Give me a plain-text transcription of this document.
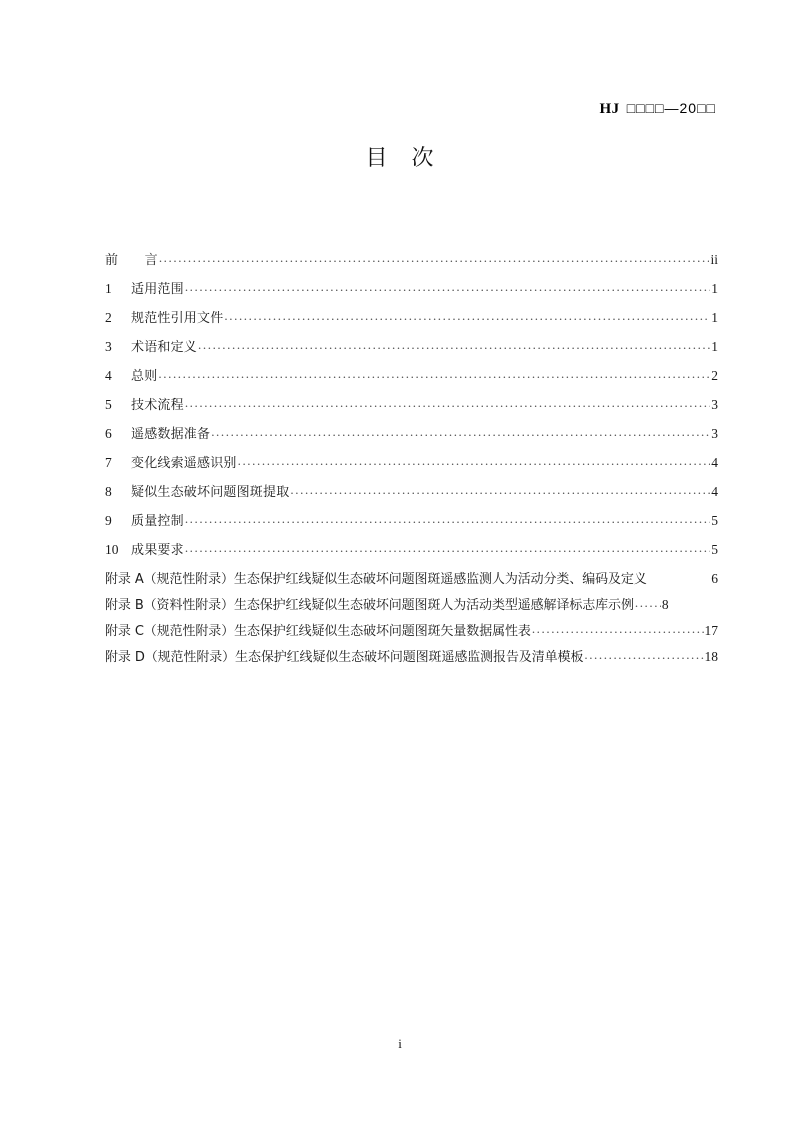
HJ □□□□—20□□
目　次
前　　言 .....	ii
1	适用范围 .....	1
2	规范性引用文件 .....	1
3	术语和定义 .....	1
4	总则 .....	2
5	技术流程 .....	3
6	遥感数据准备 .....	3
7	变化线索遥感识别 .....	4
8	疑似生态破坏问题图斑提取 .....	4
9	质量控制 .....	5
10 成果要求 .....	5
附录 A（规范性附录）生态保护红线疑似生态破坏问题图斑遥感监测人为活动分类、编码及定义	6
附录 B（资料性附录）生态保护红线疑似生态破坏问题图斑人为活动类型遥感解译标志库示例 ..... 8
附录 C（规范性附录）生态保护红线疑似生态破坏问题图斑矢量数据属性表 .....	17
附录 D（规范性附录）生态保护红线疑似生态破坏问题图斑遥感监测报告及清单模板 .....	18
i
